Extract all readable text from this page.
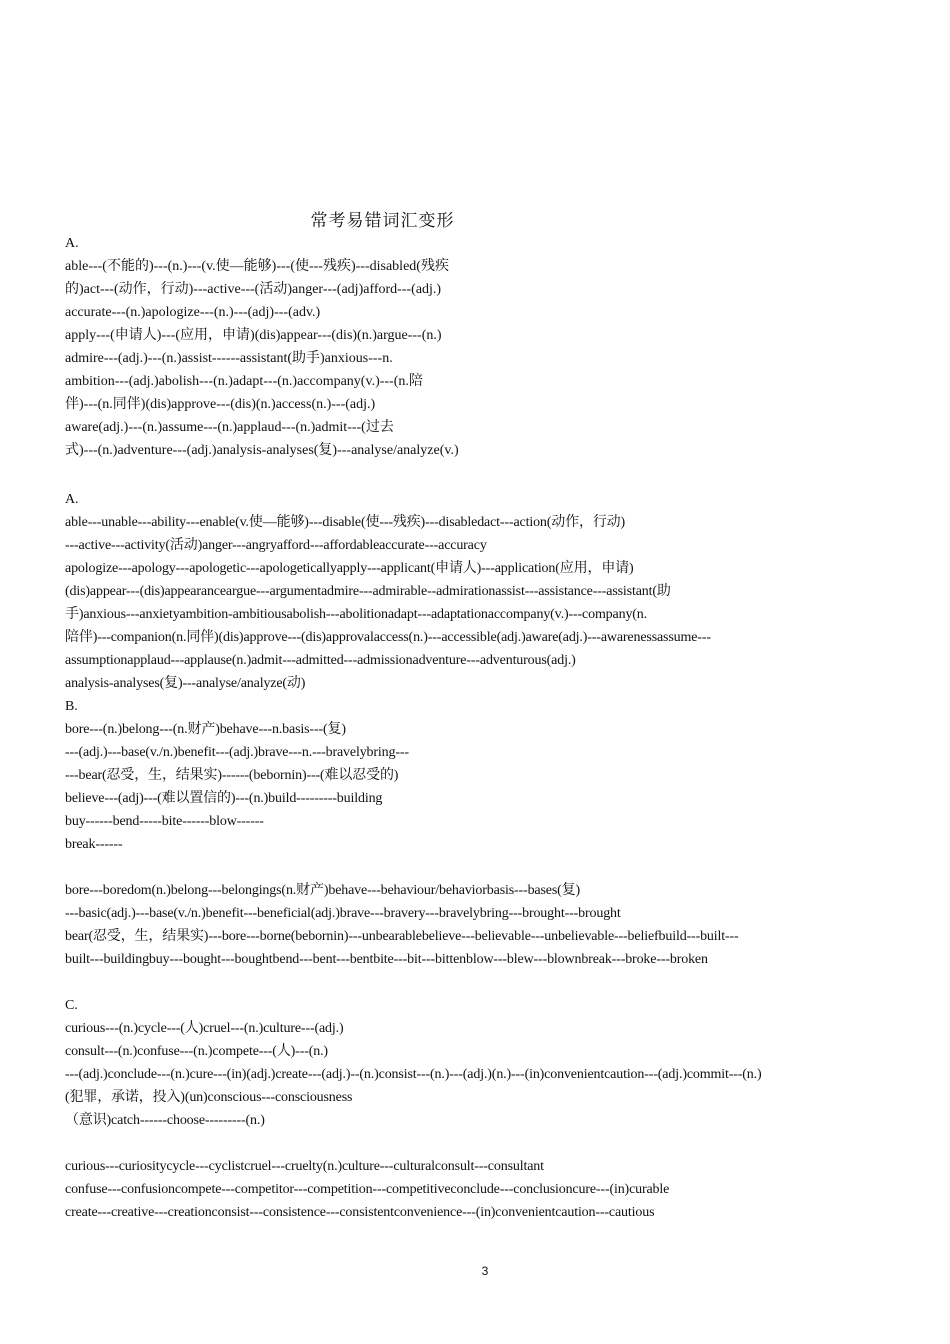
常考易错词汇变形
A.
able---(不能的)---(n.)---(v.使—能够)---(使---残疾)---disabled(残疾
的)act---(动作，行动)---active---(活动)anger---(adj)afford---(adj.)
accurate---(n.)apologize---(n.)---(adj)---(adv.)
apply---(申请人)---(应用，申请)(dis)appear---(dis)(n.)argue---(n.)
admire---(adj.)---(n.)assist------assistant(助手)anxious---n.
ambition---(adj.)abolish---(n.)adapt---(n.)accompany(v.)---(n.陪
伴)---(n.同伴)(dis)approve---(dis)(n.)access(n.)---(adj.)
aware(adj.)---(n.)assume---(n.)applaud---(n.)admit---(过去
式)---(n.)adventure---(adj.)analysis-analyses(复)---analyse/analyze(v.)
A.
able---unable---ability---enable(v.使—能够)---disable(使---残疾)---disabledact---action(动作，行动)
---active---activity(活动)anger---angryafford---affordableaccurate---accuracy
apologize---apology---apologetic---apologeticallyapply---applicant(申请人)---application(应用，申请)
(dis)appear---(dis)appearanceargue---argumentadmire---admirable--admirationassist---assistance---assistant(助
手)anxious---anxietyambition-ambitiousabolish---abolitionadapt---adaptationaccompany(v.)---company(n.
陪伴)---companion(n.同伴)(dis)approve---(dis)approvalaccess(n.)---accessible(adj.)aware(adj.)---awarenessassume---
assumptionapplaud---applause(n.)admit---admitted---admissionadventure---adventurous(adj.)
analysis-analyses(复)---analyse/analyze(动)
B.
bore---(n.)belong---(n.财产)behave---n.basis---(复)
---(adj.)---base(v./n.)benefit---(adj.)brave---n.---bravelybring---
---bear(忍受，生，结果实)------(bebornin)---(难以忍受的)
believe---(adj)---(难以置信的)---(n.)build---------building
buy------bend-----bite------blow------
break------
bore---boredom(n.)belong---belongings(n.财产)behave---behaviour/behaviorbasis---bases(复)
---basic(adj.)---base(v./n.)benefit---beneficial(adj.)brave---bravery---bravelybring---brought---brought
bear(忍受，生，结果实)---bore---borne(bebornin)---unbearablebelieve---believable---unbelievable---beliefbuild---built---
built---buildingbuy---bought---boughtbend---bent---bentbite---bit---bittenblow---blew---blownbreak---broke---broken
C.
curious---(n.)cycle---(人)cruel---(n.)culture---(adj.)
consult---(n.)confuse---(n.)compete---(人)---(n.)
---(adj.)conclude---(n.)cure---(in)(adj.)create---(adj.)--(n.)consist---(n.)---(adj.)(n.)---(in)convenientcaution---(adj.)commit---(n.)
(犯罪，承诺，投入)(un)conscious---consciousness
（意识)catch------choose---------(n.)
curious---curiositycycle---cyclistcruel---cruelty(n.)culture---culturalconsult---consultant
confuse---confusioncompete---competitor---competition---competitiveconclude---conclusioncure---(in)curable
create---creative---creationconsist---consistence---consistentconvenience---(in)convenientcaution---cautious
3
